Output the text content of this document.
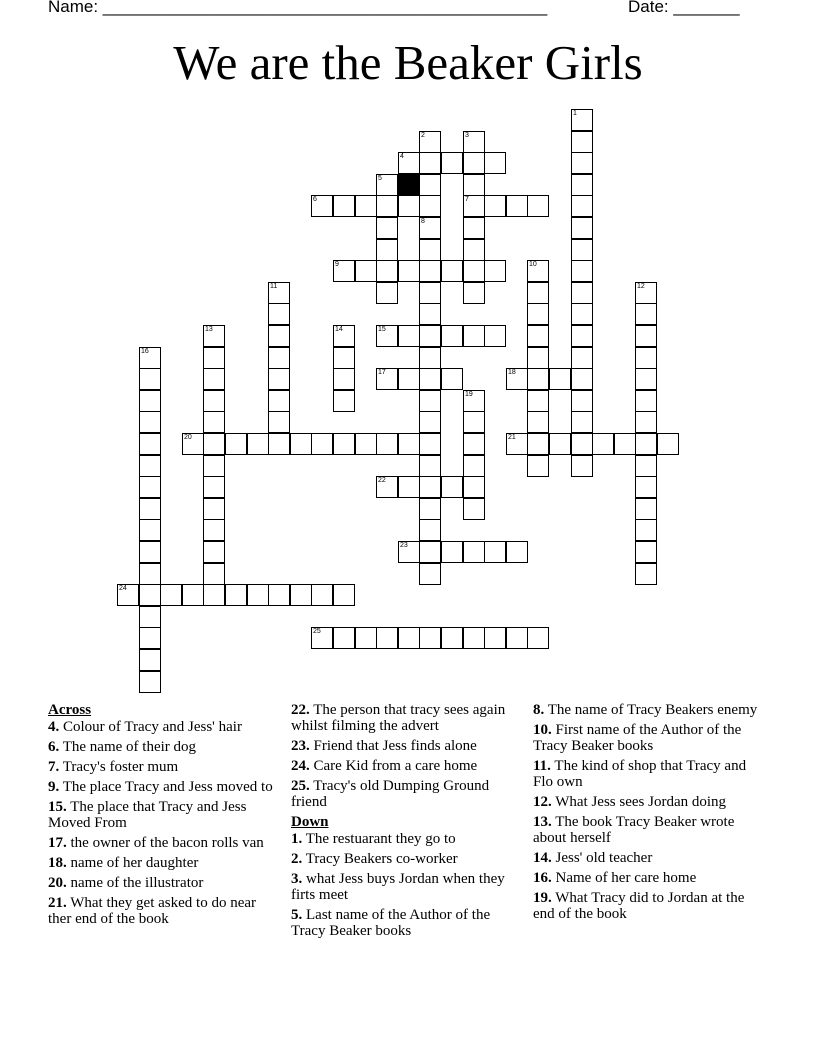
Name: _______________________________________________	Date: _______
We are the Beaker Girls
1
2
8
3
7
4
5
6
9	10
11	12
13	14	15
16
17	18
19
20	21
22
23
24
25
Across
4. Colour of Tracy and Jess' hair
6. The name of their dog
7. Tracy's foster mum
9. The place Tracy and Jess moved to
15. The place that Tracy and Jess Moved From
17. the owner of the bacon rolls van
18. name of her daughter
20. name of the illustrator
21. What they get asked to do near ther end of the book
22. The person that tracy sees again whilst filming the advert
23. Friend that Jess finds alone
24. Care Kid from a care home
25. Tracy's old Dumping Ground friend
Down
1. The restuarant they go to
2. Tracy Beakers co-worker
3. what Jess buys Jordan when they firts meet
5. Last name of the Author of the Tracy Beaker books
8. The name of Tracy Beakers enemy
10. First name of the Author of the Tracy Beaker books
11. The kind of shop that Tracy and Flo own
12. What Jess sees Jordan doing
13. The book Tracy Beaker wrote about herself
14. Jess' old teacher
16. Name of her care home
19. What Tracy did to Jordan at the end of the book
